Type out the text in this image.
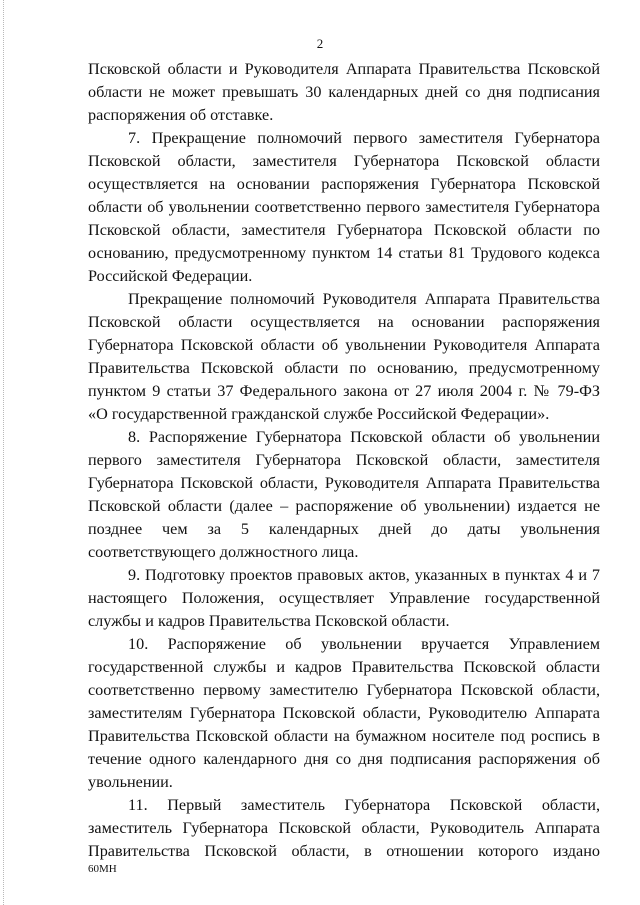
2
Псковской области и Руководителя Аппарата Правительства Псковской
области не может превышать 30 календарных дней со дня подписания
распоряжения об отставке.
7. Прекращение полномочий первого заместителя Губернатора
Псковской области, заместителя Губернатора Псковской области
осуществляется на основании распоряжения Губернатора Псковской
области об увольнении соответственно первого заместителя Губернатора
Псковской области, заместителя Губернатора Псковской области по
основанию, предусмотренному пунктом 14 статьи 81 Трудового кодекса
Российской Федерации.
Прекращение полномочий Руководителя Аппарата Правительства
Псковской области осуществляется на основании распоряжения
Губернатора Псковской области об увольнении Руководителя Аппарата
Правительства Псковской области по основанию, предусмотренному
пунктом 9 статьи 37 Федерального закона от 27 июля 2004 г. № 79-ФЗ
«О государственной гражданской службе Российской Федерации».
8. Распоряжение Губернатора Псковской области об увольнении
первого заместителя Губернатора Псковской области, заместителя
Губернатора Псковской области, Руководителя Аппарата Правительства
Псковской области (далее – распоряжение об увольнении) издается не
позднее чем за 5 календарных дней до даты увольнения
соответствующего должностного лица.
9. Подготовку проектов правовых актов, указанных в пунктах 4 и 7
настоящего Положения, осуществляет Управление государственной
службы и кадров Правительства Псковской области.
10. Распоряжение об увольнении вручается Управлением
государственной службы и кадров Правительства Псковской области
соответственно первому заместителю Губернатора Псковской области,
заместителям Губернатора Псковской области, Руководителю Аппарата
Правительства Псковской области на бумажном носителе под роспись в
течение одного календарного дня со дня подписания распоряжения об
увольнении.
11. Первый заместитель Губернатора Псковской области,
заместитель Губернатора Псковской области, Руководитель Аппарата
Правительства Псковской области, в отношении которого издано
60МН
